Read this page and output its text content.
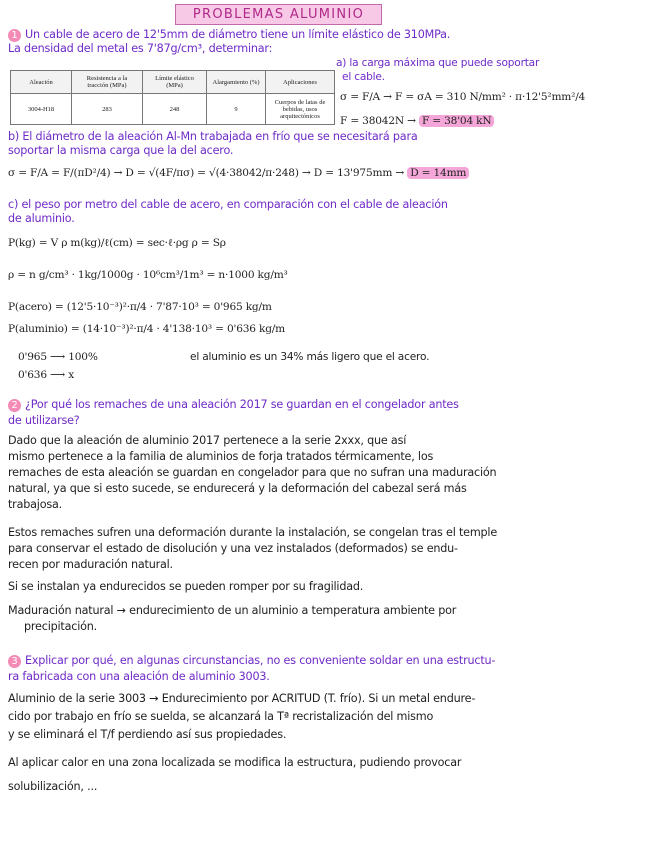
PROBLEMAS ALUMINIO
1 Un cable de acero de 12'5mm de diámetro tiene un límite elástico de 310MPa.
La densidad del metal es 7'87g/cm³, determinar:
a) la carga máxima que puede soportar
el cable.
Aleación	Resistencia a la tracción (MPa)	Límite elástico (MPa)	Alargamiento (%)	Aplicaciones
3004-H18	283	248	9	Cuerpos de latas de bebidas, usos arquitectónicos
σ = F/A → F = σA = 310 N/mm² · π·12'5²mm²/4
F = 38042N → F = 38'04 kN
b) El diámetro de la aleación Al-Mn trabajada en frío que se necesitará para
soportar la misma carga que la del acero.
σ = F/A = F/(πD²/4) → D = √(4F/πσ) = √(4·38042/π·248) → D = 13'975mm → D = 14mm
c) el peso por metro del cable de acero, en comparación con el cable de aleación
de aluminio.
P(kg) = V ρ m(kg)/ℓ(cm) = sec·ℓ·ρg ρ = Sρ
ρ = n g/cm³ · 1kg/1000g · 10⁶cm³/1m³ = n·1000 kg/m³
P(acero) = (12'5·10⁻³)²·π/4 · 7'87·10³ = 0'965 kg/m
P(aluminio) = (14·10⁻³)²·π/4 · 4'138·10³ = 0'636 kg/m
0'965 ⟶ 100%	el aluminio es un 34% más ligero que el acero.
0'636 ⟶ x
2 ¿Por qué los remaches de una aleación 2017 se guardan en el congelador antes
de utilizarse?
Dado que la aleación de aluminio 2017 pertenece a la serie 2xxx, que así
mismo pertenece a la familia de aluminios de forja tratados térmicamente, los
remaches de esta aleación se guardan en congelador para que no sufran una maduración
natural, ya que si esto sucede, se endurecerá y la deformación del cabezal será más
trabajosa.
Estos remaches sufren una deformación durante la instalación, se congelan tras el temple
para conservar el estado de disolución y una vez instalados (deformados) se endu-
recen por maduración natural.
Si se instalan ya endurecidos se pueden romper por su fragilidad.
Maduración natural → endurecimiento de un aluminio a temperatura ambiente por
precipitación.
3 Explicar por qué, en algunas circunstancias, no es conveniente soldar en una estructu-
ra fabricada con una aleación de aluminio 3003.
Aluminio de la serie 3003 → Endurecimiento por ACRITUD (T. frío). Si un metal endure-
cido por trabajo en frío se suelda, se alcanzará la Tª recristalización del mismo
y se eliminará el T/f perdiendo así sus propiedades.
Al aplicar calor en una zona localizada se modifica la estructura, pudiendo provocar
solubilización, ...
